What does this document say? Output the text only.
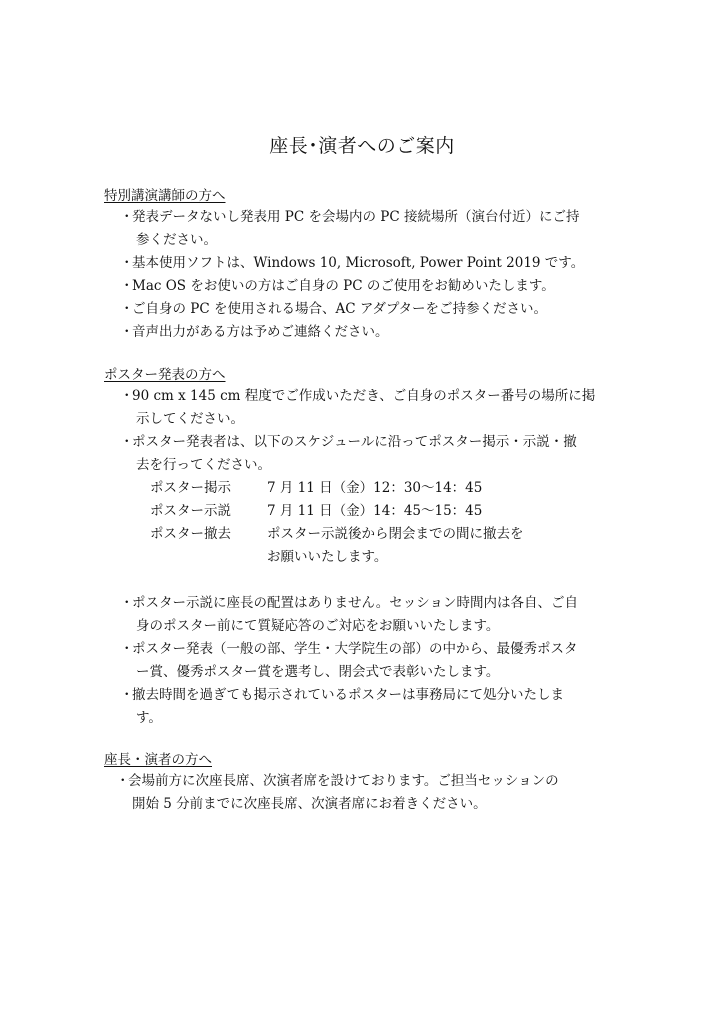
座長･演者へのご案内
特別講演講師の方へ
・発表データないし発表用 PC を会場内の PC 接続場所（演台付近）にご持
参ください。
・基本使用ソフトは、Windows 10, Microsoft, Power Point 2019 です。
・Mac OS をお使いの方はご自身の PC のご使用をお勧めいたします。
・ご自身の PC を使用される場合、AC アダプターをご持参ください。
・音声出力がある方は予めご連絡ください。
ポスター発表の方へ
・90 cm x 145 cm 程度でご作成いただき、ご自身のポスター番号の場所に掲
示してください。
・ポスター発表者は、以下のスケジュールに沿ってポスター掲示・示説・撤
去を行ってください。
ポスター掲示	7 月 11 日（金）12：30〜14：45
ポスター示説	7 月 11 日（金）14：45〜15：45
ポスター撤去	ポスター示説後から閉会までの間に撤去を
お願いいたします。
・ポスター示説に座長の配置はありません。セッション時間内は各自、ご自
身のポスター前にて質疑応答のご対応をお願いいたします。
・ポスター発表（一般の部、学生・大学院生の部）の中から、最優秀ポスタ
ー賞、優秀ポスター賞を選考し、閉会式で表彰いたします。
・撤去時間を過ぎても掲示されているポスターは事務局にて処分いたしま
す。
座長・演者の方へ
・会場前方に次座長席、次演者席を設けております。ご担当セッションの
開始 5 分前までに次座長席、次演者席にお着きください。
